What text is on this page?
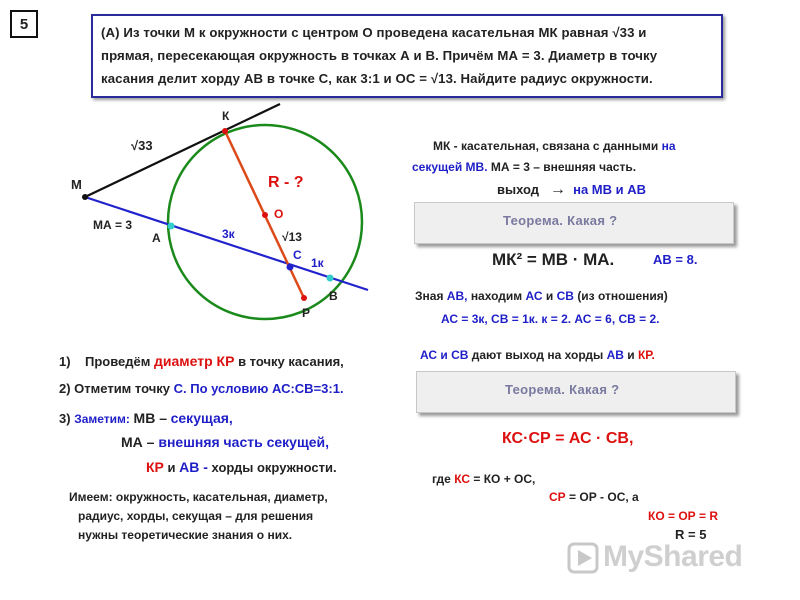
5	(А) Из точки М к окружности с центром О проведена касательная МК равная √33 и
прямая, пересекающая окружность в точках А и В. Причём МА = 3. Диаметр в точку
касания делит хорду АВ в точке С, как 3:1 и ОС = √13. Найдите радиус окружности.
К
М
√33
МА = 3
А	3к
R - ?
О
√13
С
1к
В
Р
1) Проведём диаметр КР в точку касания,
2) Отметим точку С. По условию АС:СВ=3:1.
3) Заметим: МВ – секущая,
МА – внешняя часть секущей,
КР и АВ - хорды окружности.
Имеем: окружность, касательная, диаметр,
радиус, хорды, секущая – для решения
нужны теоретические знания о них.
МК - касательная, связана с данными на
секущей МВ. МА = 3 – внешняя часть.
выход → на МВ и АВ
Теорема. Какая ?
МК² = МВ · МА.	АВ = 8.
Зная АВ, находим АС и СВ (из отношения)
АС = 3к, СВ = 1к. к = 2. АС = 6, СВ = 2.
АС и СВ дают выход на хорды АВ и КР.
Теорема. Какая ?
КС·СР = АС · СВ,
где КС = КО + ОС,
СР = ОР - ОС, а
КО = ОР = R
R = 5
MyShared
